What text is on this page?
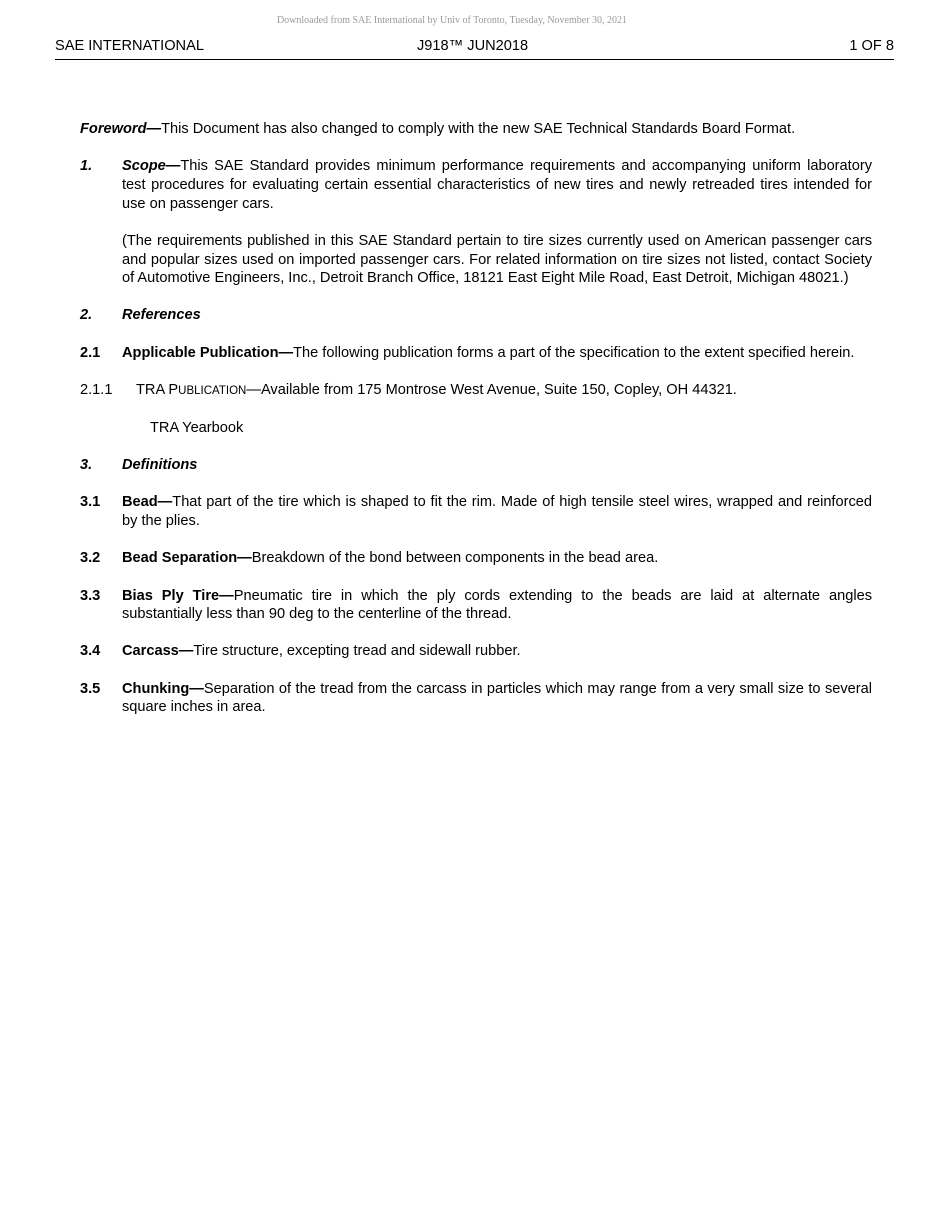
Downloaded from SAE International by Univ of Toronto, Tuesday, November 30, 2021
SAE INTERNATIONAL	J918™ JUN2018	1 OF 8

Foreword—This Document has also changed to comply with the new SAE Technical Standards Board Format.

1.	Scope—This SAE Standard provides minimum performance requirements and accompanying uniform laboratory test procedures for evaluating certain essential characteristics of new tires and newly retreaded tires intended for use on passenger cars.
(The requirements published in this SAE Standard pertain to tire sizes currently used on American passenger cars and popular sizes used on imported passenger cars. For related information on tire sizes not listed, contact Society of Automotive Engineers, Inc., Detroit Branch Office, 18121 East Eight Mile Road, East Detroit, Michigan 48021.)
2.	References
2.1	Applicable Publication—The following publication forms a part of the specification to the extent specified herein.
2.1.1	TRA PUBLICATION—Available from 175 Montrose West Avenue, Suite 150, Copley, OH 44321.
TRA Yearbook
3.	Definitions
3.1	Bead—That part of the tire which is shaped to fit the rim. Made of high tensile steel wires, wrapped and reinforced by the plies.
3.2	Bead Separation—Breakdown of the bond between components in the bead area.
3.3	Bias Ply Tire—Pneumatic tire in which the ply cords extending to the beads are laid at alternate angles substantially less than 90 deg to the centerline of the thread.
3.4	Carcass—Tire structure, excepting tread and sidewall rubber.
3.5	Chunking—Separation of the tread from the carcass in particles which may range from a very small size to several square inches in area.
